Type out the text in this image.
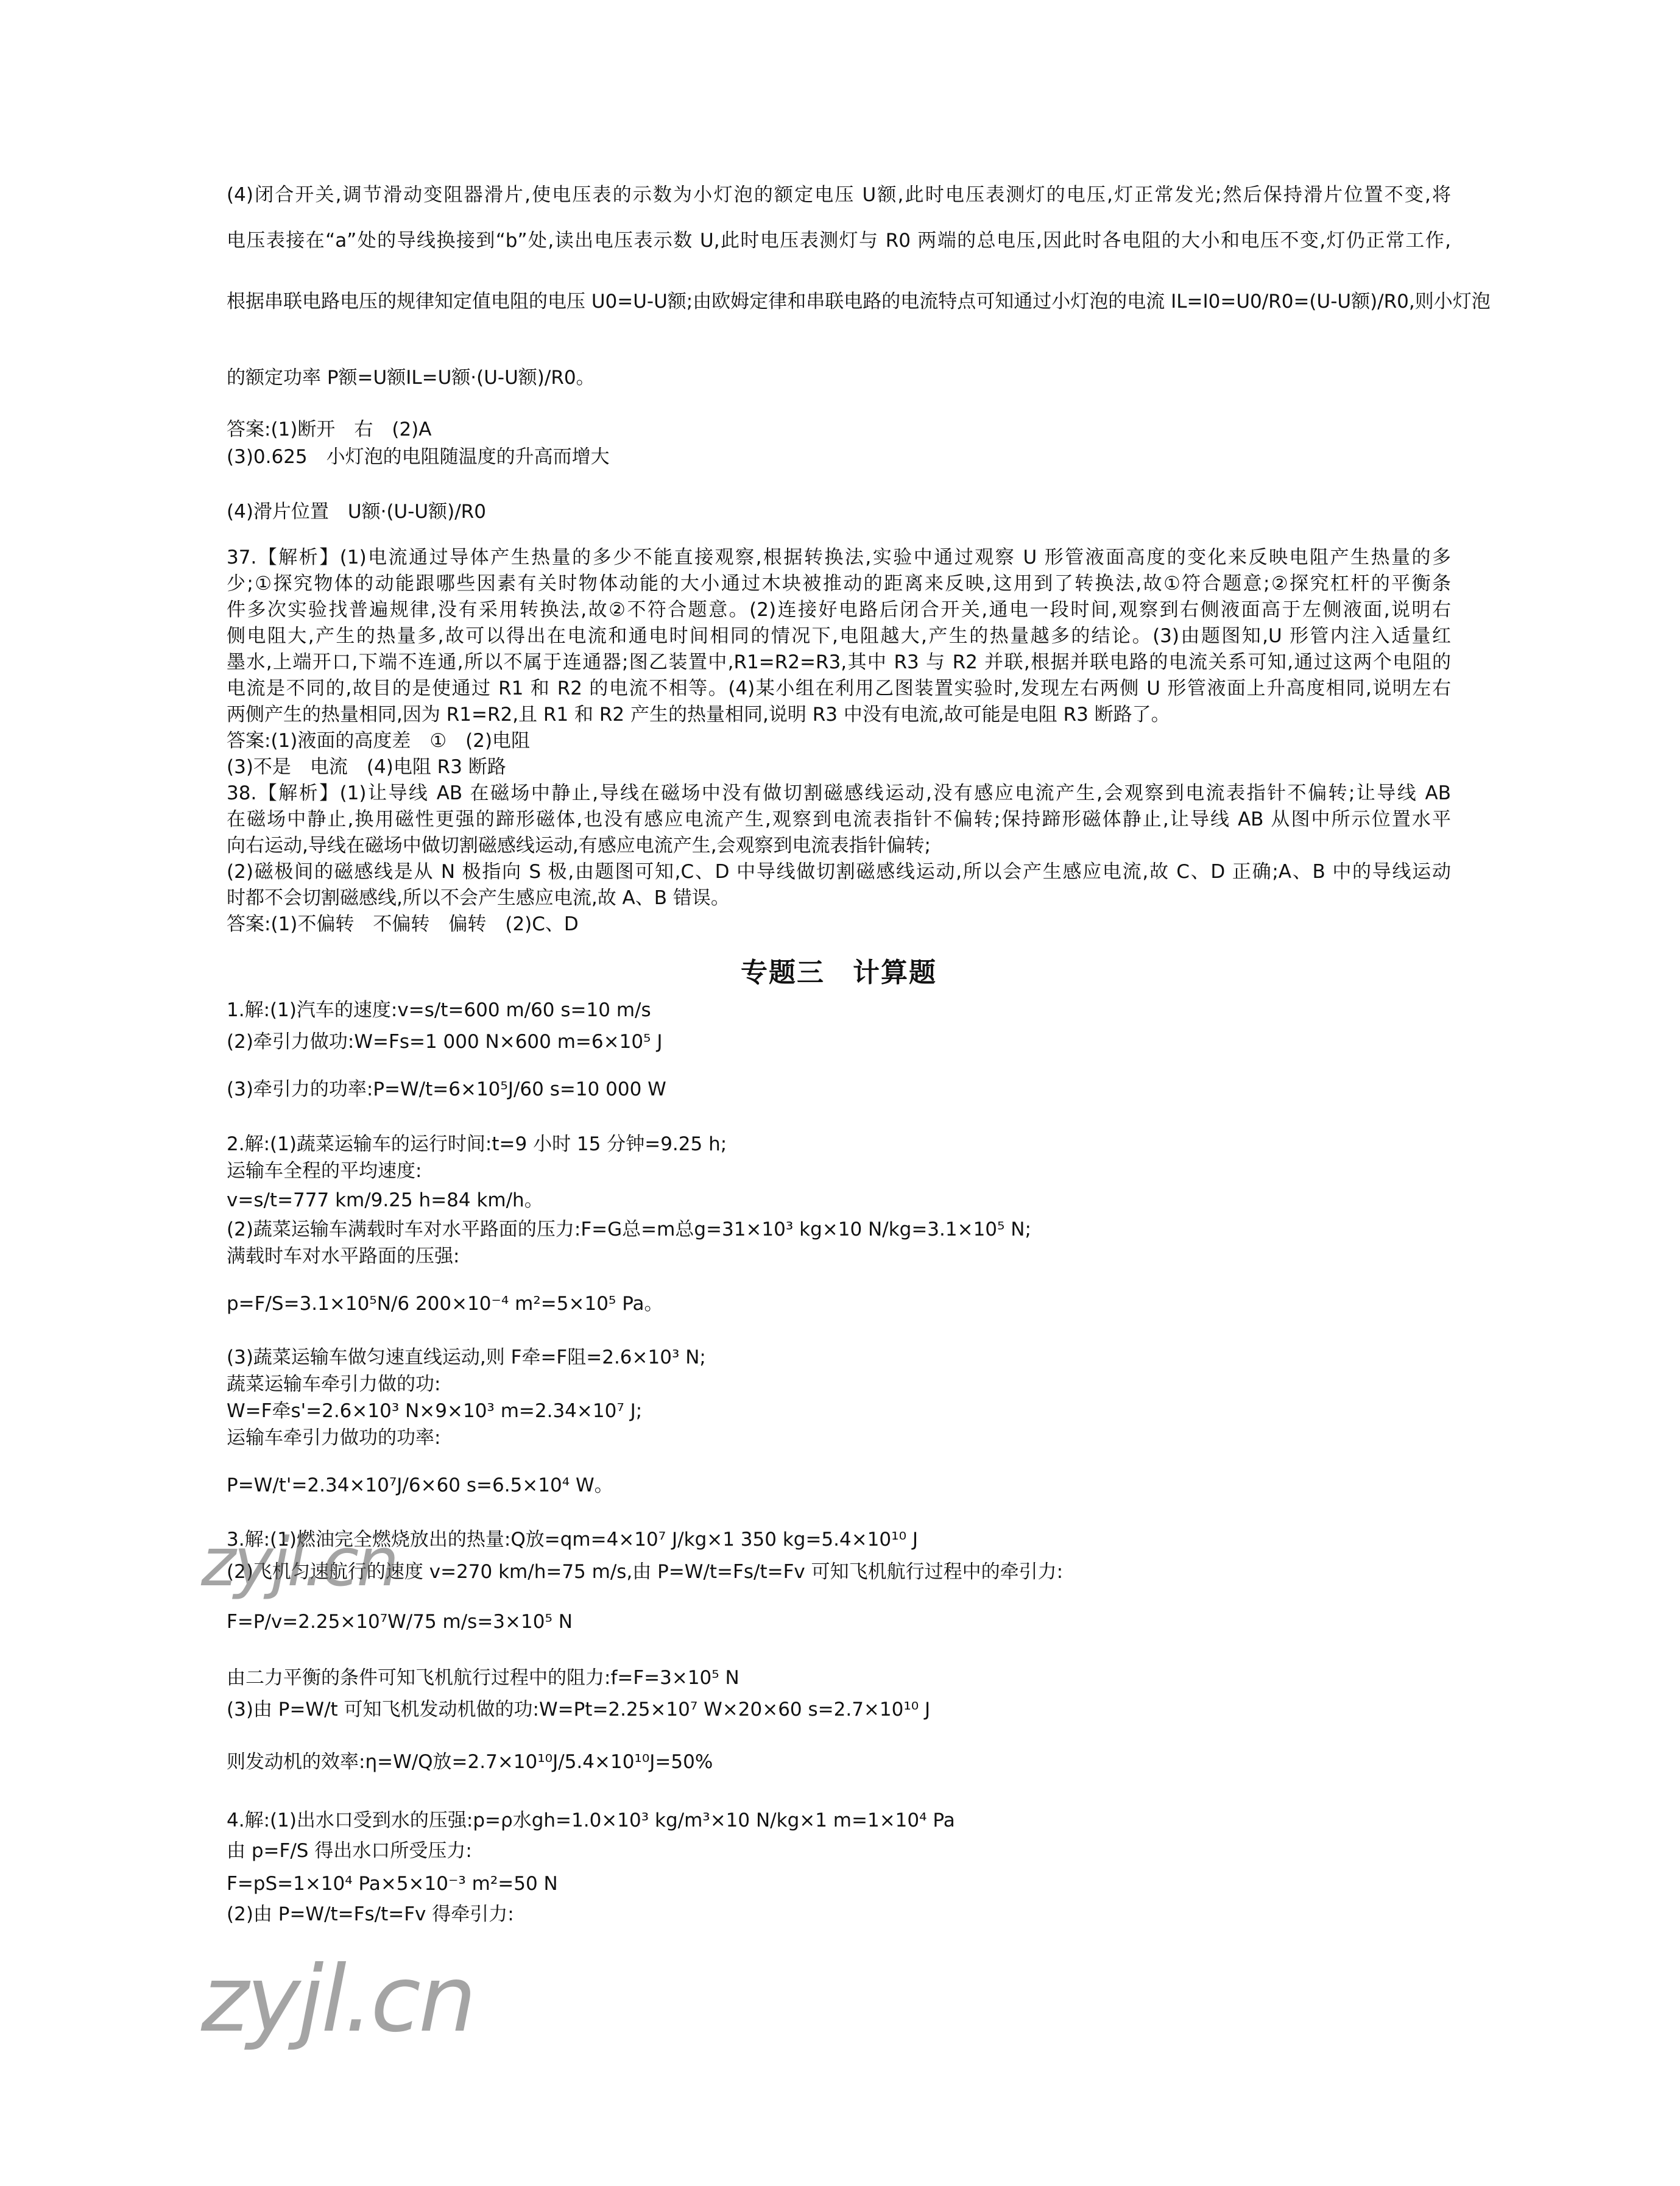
(4)闭合开关,调节滑动变阻器滑片,使电压表的示数为小灯泡的额定电压 U额,此时电压表测灯的电压,灯正常发光;然后保持滑片位置不变,将
电压表接在“a”处的导线换接到“b”处,读出电压表示数 U,此时电压表测灯与 R0 两端的总电压,因此时各电阻的大小和电压不变,灯仍正常工作,
根据串联电路电压的规律知定值电阻的电压 U0=U-U额;由欧姆定律和串联电路的电流特点可知通过小灯泡的电流 IL=I0=U0/R0=(U-U额)/R0,则小灯泡
的额定功率 P额=U额IL=U额·(U-U额)/R0。
答案:(1)断开　右　(2)A
(3)0.625　小灯泡的电阻随温度的升高而增大
(4)滑片位置　U额·(U-U额)/R0
37.【解析】(1)电流通过导体产生热量的多少不能直接观察,根据转换法,实验中通过观察 U 形管液面高度的变化来反映电阻产生热量的多
少;①探究物体的动能跟哪些因素有关时物体动能的大小通过木块被推动的距离来反映,这用到了转换法,故①符合题意;②探究杠杆的平衡条
件多次实验找普遍规律,没有采用转换法,故②不符合题意。(2)连接好电路后闭合开关,通电一段时间,观察到右侧液面高于左侧液面,说明右
侧电阻大,产生的热量多,故可以得出在电流和通电时间相同的情况下,电阻越大,产生的热量越多的结论。(3)由题图知,U 形管内注入适量红
墨水,上端开口,下端不连通,所以不属于连通器;图乙装置中,R1=R2=R3,其中 R3 与 R2 并联,根据并联电路的电流关系可知,通过这两个电阻的
电流是不同的,故目的是使通过 R1 和 R2 的电流不相等。(4)某小组在利用乙图装置实验时,发现左右两侧 U 形管液面上升高度相同,说明左右
两侧产生的热量相同,因为 R1=R2,且 R1 和 R2 产生的热量相同,说明 R3 中没有电流,故可能是电阻 R3 断路了。
答案:(1)液面的高度差　①　(2)电阻
(3)不是　电流　(4)电阻 R3 断路
38.【解析】(1)让导线 AB 在磁场中静止,导线在磁场中没有做切割磁感线运动,没有感应电流产生,会观察到电流表指针不偏转;让导线 AB
在磁场中静止,换用磁性更强的蹄形磁体,也没有感应电流产生,观察到电流表指针不偏转;保持蹄形磁体静止,让导线 AB 从图中所示位置水平
向右运动,导线在磁场中做切割磁感线运动,有感应电流产生,会观察到电流表指针偏转;
(2)磁极间的磁感线是从 N 极指向 S 极,由题图可知,C、D 中导线做切割磁感线运动,所以会产生感应电流,故 C、D 正确;A、B 中的导线运动
时都不会切割磁感线,所以不会产生感应电流,故 A、B 错误。
答案:(1)不偏转　不偏转　偏转　(2)C、D
专题三　计算题
1.解:(1)汽车的速度:v=s/t=600 m/60 s=10 m/s
(2)牵引力做功:W=Fs=1 000 N×600 m=6×10⁵ J
(3)牵引力的功率:P=W/t=6×10⁵J/60 s=10 000 W
2.解:(1)蔬菜运输车的运行时间:t=9 小时 15 分钟=9.25 h;
运输车全程的平均速度:
v=s/t=777 km/9.25 h=84 km/h。
(2)蔬菜运输车满载时车对水平路面的压力:F=G总=m总g=31×10³ kg×10 N/kg=3.1×10⁵ N;
满载时车对水平路面的压强:
p=F/S=3.1×10⁵N/6 200×10⁻⁴ m²=5×10⁵ Pa。
(3)蔬菜运输车做匀速直线运动,则 F牵=F阻=2.6×10³ N;
蔬菜运输车牵引力做的功:
W=F牵s'=2.6×10³ N×9×10³ m=2.34×10⁷ J;
运输车牵引力做功的功率:
P=W/t'=2.34×10⁷J/6×60 s=6.5×10⁴ W。
3.解:(1)燃油完全燃烧放出的热量:Q放=qm=4×10⁷ J/kg×1 350 kg=5.4×10¹⁰ J
(2)飞机匀速航行的速度 v=270 km/h=75 m/s,由 P=W/t=Fs/t=Fv 可知飞机航行过程中的牵引力:
F=P/v=2.25×10⁷W/75 m/s=3×10⁵ N
由二力平衡的条件可知飞机航行过程中的阻力:f=F=3×10⁵ N
(3)由 P=W/t 可知飞机发动机做的功:W=Pt=2.25×10⁷ W×20×60 s=2.7×10¹⁰ J
则发动机的效率:η=W/Q放=2.7×10¹⁰J/5.4×10¹⁰J=50%
4.解:(1)出水口受到水的压强:p=ρ水gh=1.0×10³ kg/m³×10 N/kg×1 m=1×10⁴ Pa
由 p=F/S 得出水口所受压力:
F=pS=1×10⁴ Pa×5×10⁻³ m²=50 N
(2)由 P=W/t=Fs/t=Fv 得牵引力:
zyjl.cn
zyjl.cn
